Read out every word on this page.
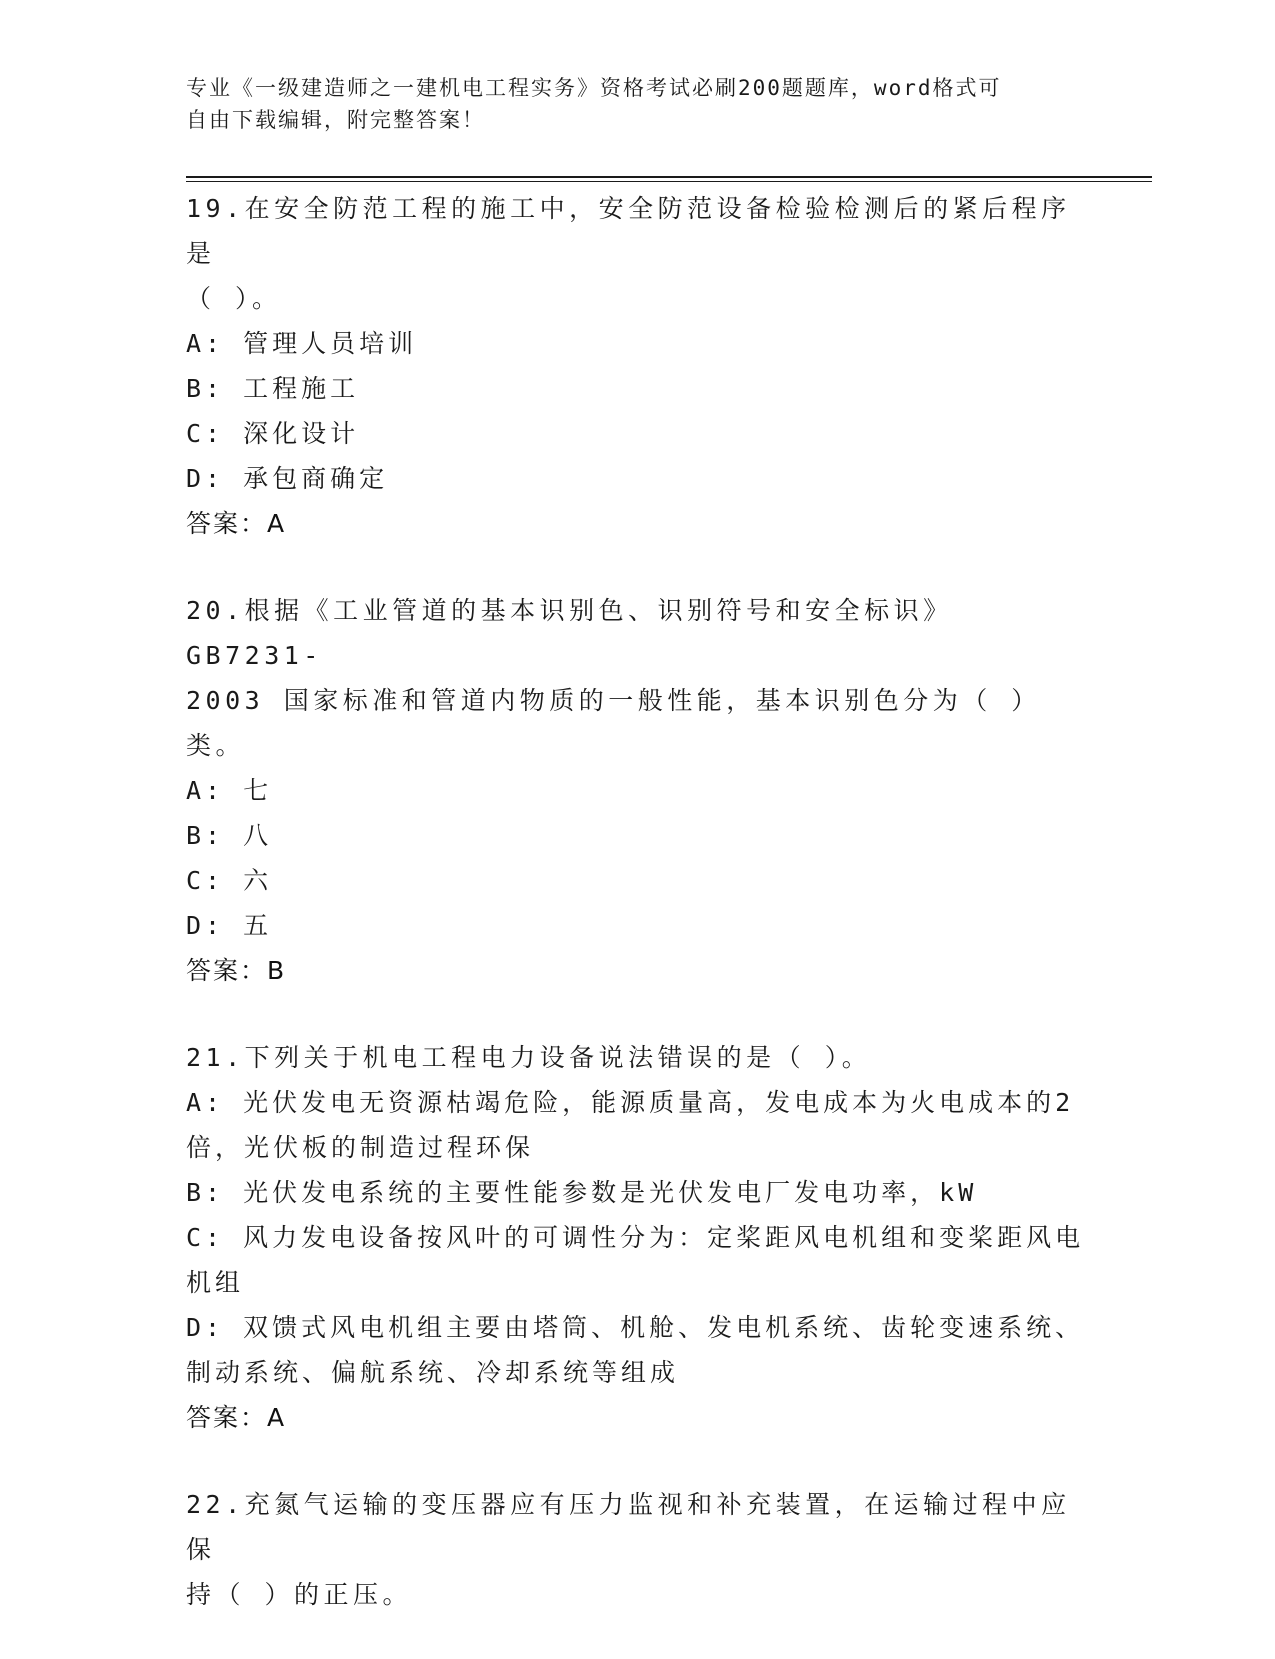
专业《一级建造师之一建机电工程实务》资格考试必刷200题题库，word格式可
自由下载编辑，附完整答案！
19.在安全防范工程的施工中，安全防范设备检验检测后的紧后程序是
（ ）。
A: 管理人员培训
B: 工程施工
C: 深化设计
D: 承包商确定
答案：A
20.根据《工业管道的基本识别色、识别符号和安全标识》GB7231-
2003 国家标准和管道内物质的一般性能，基本识别色分为（ ）类。
A: 七
B: 八
C: 六
D: 五
答案：B
21.下列关于机电工程电力设备说法错误的是（ ）。
A: 光伏发电无资源枯竭危险，能源质量高，发电成本为火电成本的2
倍，光伏板的制造过程环保
B: 光伏发电系统的主要性能参数是光伏发电厂发电功率，kW
C: 风力发电设备按风叶的可调性分为：定桨距风电机组和变桨距风电
机组
D: 双馈式风电机组主要由塔筒、机舱、发电机系统、齿轮变速系统、
制动系统、偏航系统、冷却系统等组成
答案：A
22.充氮气运输的变压器应有压力监视和补充装置，在运输过程中应保
持（ ）的正压。
